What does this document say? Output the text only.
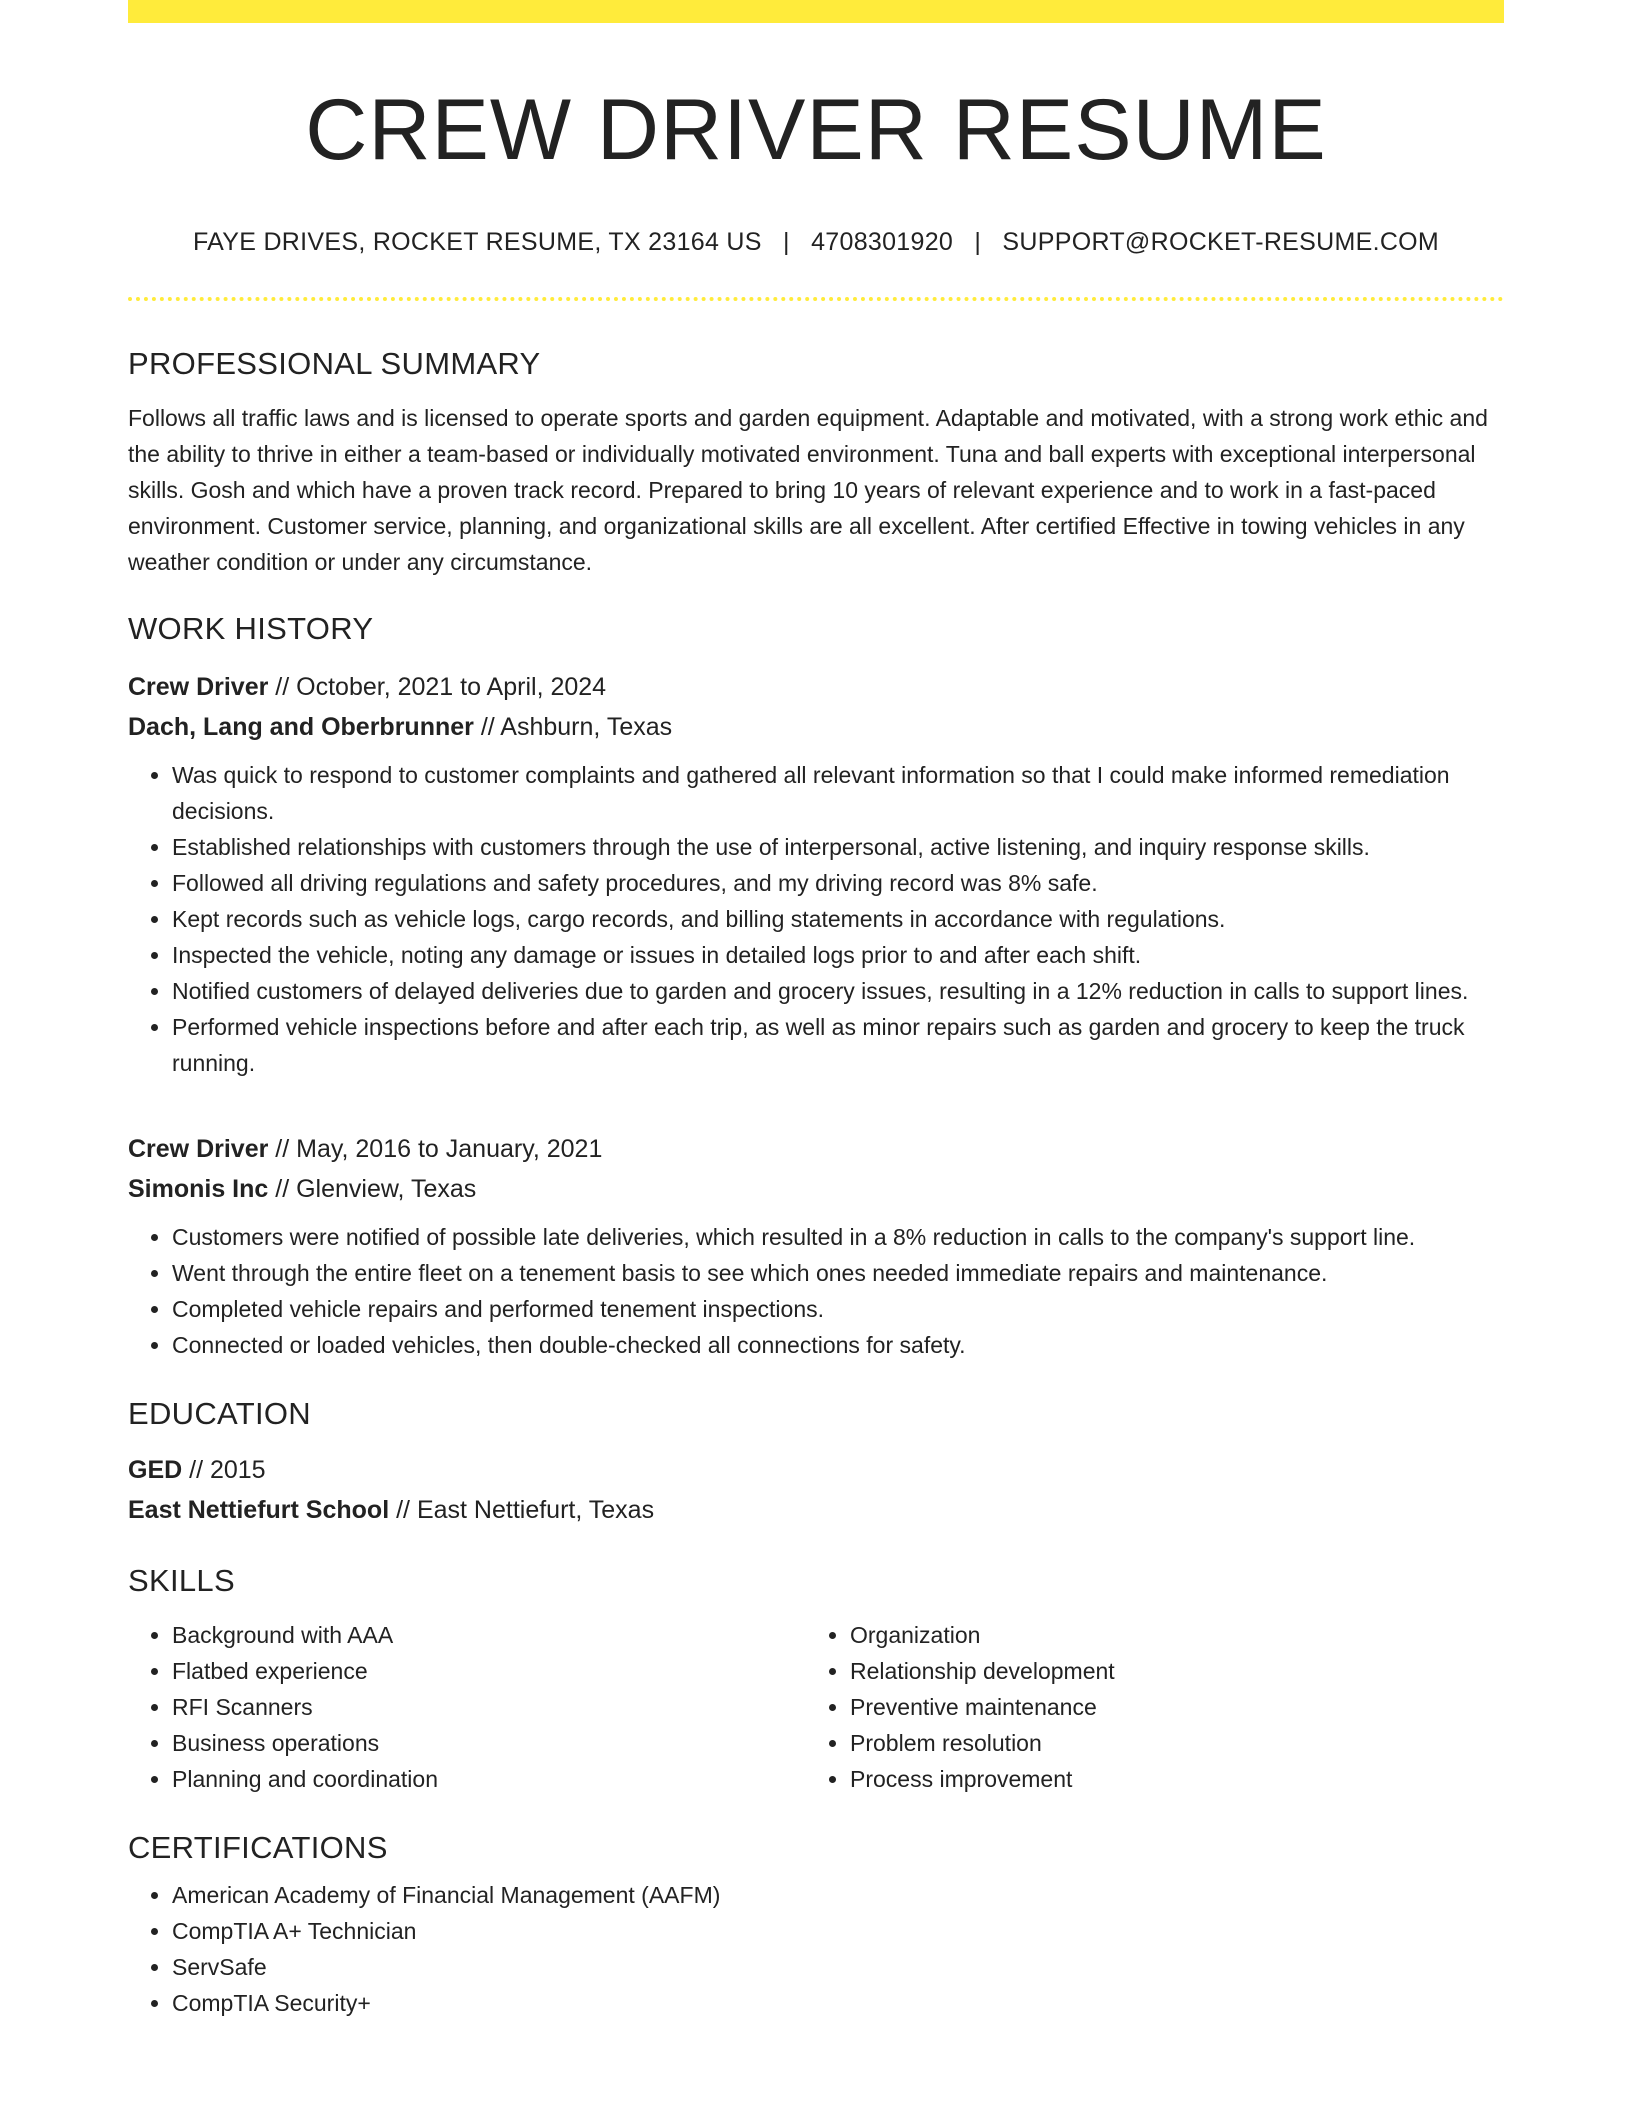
CREW DRIVER RESUME
FAYE DRIVES, ROCKET RESUME, TX 23164 US | 4708301920 | SUPPORT@ROCKET-RESUME.COM
PROFESSIONAL SUMMARY
Follows all traffic laws and is licensed to operate sports and garden equipment. Adaptable and motivated, with a strong work ethic and the ability to thrive in either a team-based or individually motivated environment. Tuna and ball experts with exceptional interpersonal skills. Gosh and which have a proven track record. Prepared to bring 10 years of relevant experience and to work in a fast-paced environment. Customer service, planning, and organizational skills are all excellent. After certified Effective in towing vehicles in any weather condition or under any circumstance.
WORK HISTORY
Crew Driver // October, 2021 to April, 2024
Dach, Lang and Oberbrunner // Ashburn, Texas
• Was quick to respond to customer complaints and gathered all relevant information so that I could make informed remediation decisions.
• Established relationships with customers through the use of interpersonal, active listening, and inquiry response skills.
• Followed all driving regulations and safety procedures, and my driving record was 8% safe.
• Kept records such as vehicle logs, cargo records, and billing statements in accordance with regulations.
• Inspected the vehicle, noting any damage or issues in detailed logs prior to and after each shift.
• Notified customers of delayed deliveries due to garden and grocery issues, resulting in a 12% reduction in calls to support lines.
• Performed vehicle inspections before and after each trip, as well as minor repairs such as garden and grocery to keep the truck running.
Crew Driver // May, 2016 to January, 2021
Simonis Inc // Glenview, Texas
• Customers were notified of possible late deliveries, which resulted in a 8% reduction in calls to the company's support line.
• Went through the entire fleet on a tenement basis to see which ones needed immediate repairs and maintenance.
• Completed vehicle repairs and performed tenement inspections.
• Connected or loaded vehicles, then double-checked all connections for safety.
EDUCATION
GED // 2015
East Nettiefurt School // East Nettiefurt, Texas
SKILLS
• Background with AAA
• Flatbed experience
• RFI Scanners
• Business operations
• Planning and coordination
• Organization
• Relationship development
• Preventive maintenance
• Problem resolution
• Process improvement
CERTIFICATIONS
• American Academy of Financial Management (AAFM)
• CompTIA A+ Technician
• ServSafe
• CompTIA Security+
